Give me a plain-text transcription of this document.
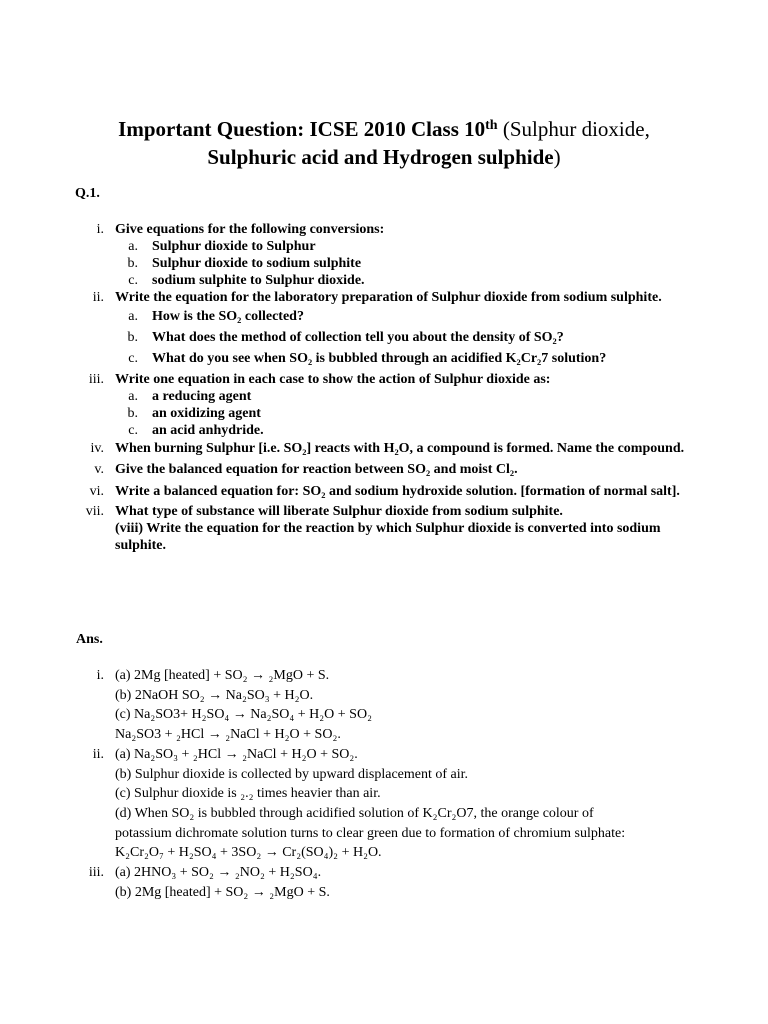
Important Question: ICSE 2010 Class 10th (Sulphur dioxide,
Sulphuric acid and Hydrogen sulphide)
Q.1.
i. Give equations for the following conversions:
a. Sulphur dioxide to Sulphur
b. Sulphur dioxide to sodium sulphite
c. sodium sulphite to Sulphur dioxide.
ii. Write the equation for the laboratory preparation of Sulphur dioxide from sodium sulphite.
a. How is the SO₂ collected?
b. What does the method of collection tell you about the density of SO₂?
c. What do you see when SO₂ is bubbled through an acidified K₂Cr₂7 solution?
iii. Write one equation in each case to show the action of Sulphur dioxide as:
a. a reducing agent
b. an oxidizing agent
c. an acid anhydride.
iv. When burning Sulphur [i.e. SO₂] reacts with H₂O, a compound is formed. Name the compound.
v. Give the balanced equation for reaction between SO₂ and moist Cl₂.
vi. Write a balanced equation for: SO₂ and sodium hydroxide solution. [formation of normal salt].
vii. What type of substance will liberate Sulphur dioxide from sodium sulphite.
(viii) Write the equation for the reaction by which Sulphur dioxide is converted into sodium sulphite.
Ans.
i. (a) 2Mg [heated] + SO₂ → ₂MgO + S.
(b) 2NaOH SO₂ → Na₂SO₃ + H₂O.
(c) Na₂SO3+ H₂SO₄ → Na₂SO₄ + H₂O + SO₂
Na₂SO3 + ₂HCl → ₂NaCl + H₂O + SO₂.
ii. (a) Na₂SO₃ + ₂HCl → ₂NaCl + H₂O + SO₂.
(b) Sulphur dioxide is collected by upward displacement of air.
(c) Sulphur dioxide is ₂.₂ times heavier than air.
(d) When SO₂ is bubbled through acidified solution of K₂Cr₂O7, the orange colour of
potassium dichromate solution turns to clear green due to formation of chromium sulphate:
K₂Cr₂O₇ + H₂SO₄ + 3SO₂ → Cr₂(SO₄)₂ + H₂O.
iii. (a) 2HNO₃ + SO₂ → ₂NO₂ + H₂SO₄.
(b) 2Mg [heated] + SO₂ → ₂MgO + S.
